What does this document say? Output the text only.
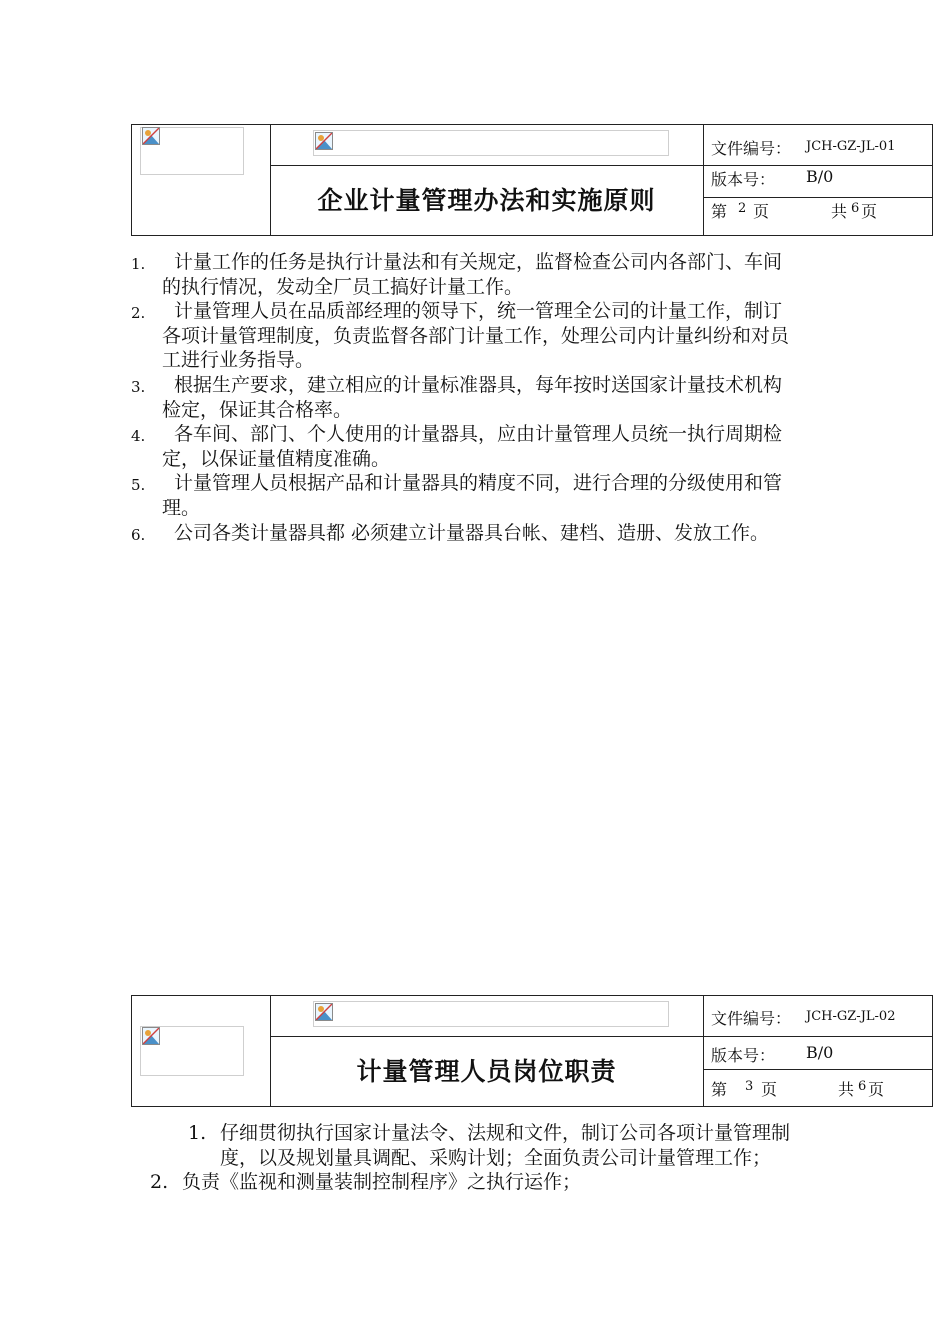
企业计量管理办法和实施原则
文件编号： JCH-GZ-JL-01
版本号： B/0
第 2 页	共 6 页
1.	计量工作的任务是执行计量法和有关规定，监督检查公司内各部门、车间的执行情况，发动全厂员工搞好计量工作。
2.	计量管理人员在品质部经理的领导下，统一管理全公司的计量工作，制订各项计量管理制度，负责监督各部门计量工作，处理公司内计量纠纷和对员工进行业务指导。
3.	根据生产要求，建立相应的计量标准器具，每年按时送国家计量技术机构检定，保证其合格率。
4.	各车间、部门、个人使用的计量器具，应由计量管理人员统一执行周期检定，以保证量值精度准确。
5.	计量管理人员根据产品和计量器具的精度不同，进行合理的分级使用和管理。
6.	公司各类计量器具都 必须建立计量器具台帐、建档、造册、发放工作。
计量管理人员岗位职责
文件编号： JCH-GZ-JL-02
版本号： B/0
第 3 页	共 6 页
1. 仔细贯彻执行国家计量法令、法规和文件，制订公司各项计量管理制度，以及规划量具调配、采购计划；全面负责公司计量管理工作；
2. 负责《监视和测量装制控制程序》之执行运作；
